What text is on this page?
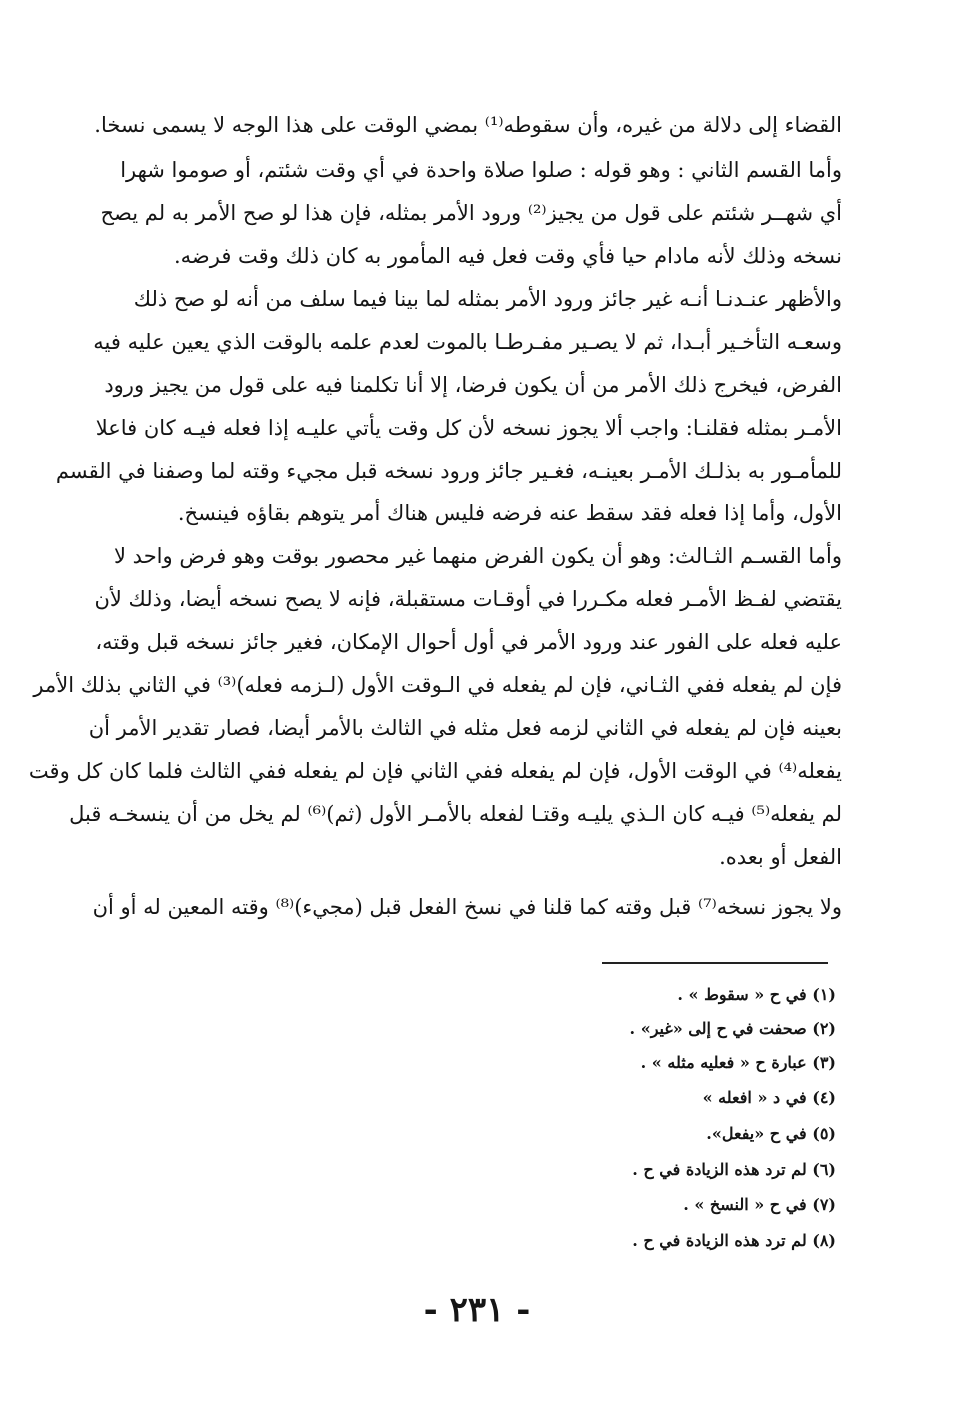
القضاء إلى دلالة من غيره، وأن سقوطه⁽¹⁾ بمضي الوقت على هذا الوجه لا يسمى نسخا.
وأما القسم الثاني : وهو قوله : صلوا صلاة واحدة في أي وقت شئتم، أو صوموا شهرا
أي شهــر شئتم على قول من يجيز⁽²⁾ ورود الأمر بمثله، فإن هذا لو صح الأمر به لم يصح
نسخه وذلك لأنه مادام حيا فأي وقت فعل فيه المأمور به كان ذلك وقت فرضه.
والأظهر عنـدنـا أنـه غير جائز ورود الأمر بمثله لما بينا فيما سلف من أنه لو صح ذلك
وسعـه التأخـير أبـدا، ثم لا يصـير مفـرطـا بالموت لعدم علمه بالوقت الذي يعين عليه فيه
الفرض، فيخرج ذلك الأمر من أن يكون فرضا، إلا أنا تكلمنا فيه على قول من يجيز ورود
الأمـر بمثله فقلنـا: واجب ألا يجوز نسخه لأن كل وقت يأتي عليـه إذا فعله فيـه كان فاعلا
للمأمـور به بذلـك الأمـر بعينـه، فغـير جائز ورود نسخه قبل مجيء وقته لما وصفنا في القسم
الأول، وأما إذا فعله فقد سقط عنه فرضه فليس هناك أمر يتوهم بقاؤه فينسخ.
وأما القسـم الثـالث: وهو أن يكون الفرض منهما غير محصور بوقت وهو فرض واحد لا
يقتضي لفـظ الأمـر فعله مكـررا في أوقـات مستقبلة، فإنه لا يصح نسخه أيضا، وذلك لأن
عليه فعله على الفور عند ورود الأمر في أول أحوال الإمكان، فغير جائز نسخه قبل وقته،
فإن لم يفعله ففي الثـاني، فإن لم يفعله في الـوقت الأول (لـزمه فعله)⁽³⁾ في الثاني بذلك الأمر
بعينه فإن لم يفعله في الثاني لزمه فعل مثله في الثالث بالأمر أيضا، فصار تقدير الأمر أن
يفعله⁽⁴⁾ في الوقت الأول، فإن لم يفعله ففي الثاني فإن لم يفعله ففي الثالث فلما كان كل وقت
لم يفعله⁽⁵⁾ فيـه كان الـذي يليـه وقتـا لفعله بالأمـر الأول (ثم)⁽⁶⁾ لم يخل من أن ينسخـه قبل
الفعل أو بعده.
ولا يجوز نسخه⁽⁷⁾ قبل وقته كما قلنا في نسخ الفعل قبل (مجيء)⁽⁸⁾ وقته المعين له أو أن
(١) في ح « سقوط » .
(٢) صحفت في ح إلى «غير» .
(٣) عبارة ح « فعليه مثله » .
(٤) في د « افعله »
(٥) في ح «يفعل».
(٦) لم ترد هذه الزيادة في ح .
(٧) في ح « النسخ » .
(٨) لم ترد هذه الزيادة في ح .
- ٢٣١ -
